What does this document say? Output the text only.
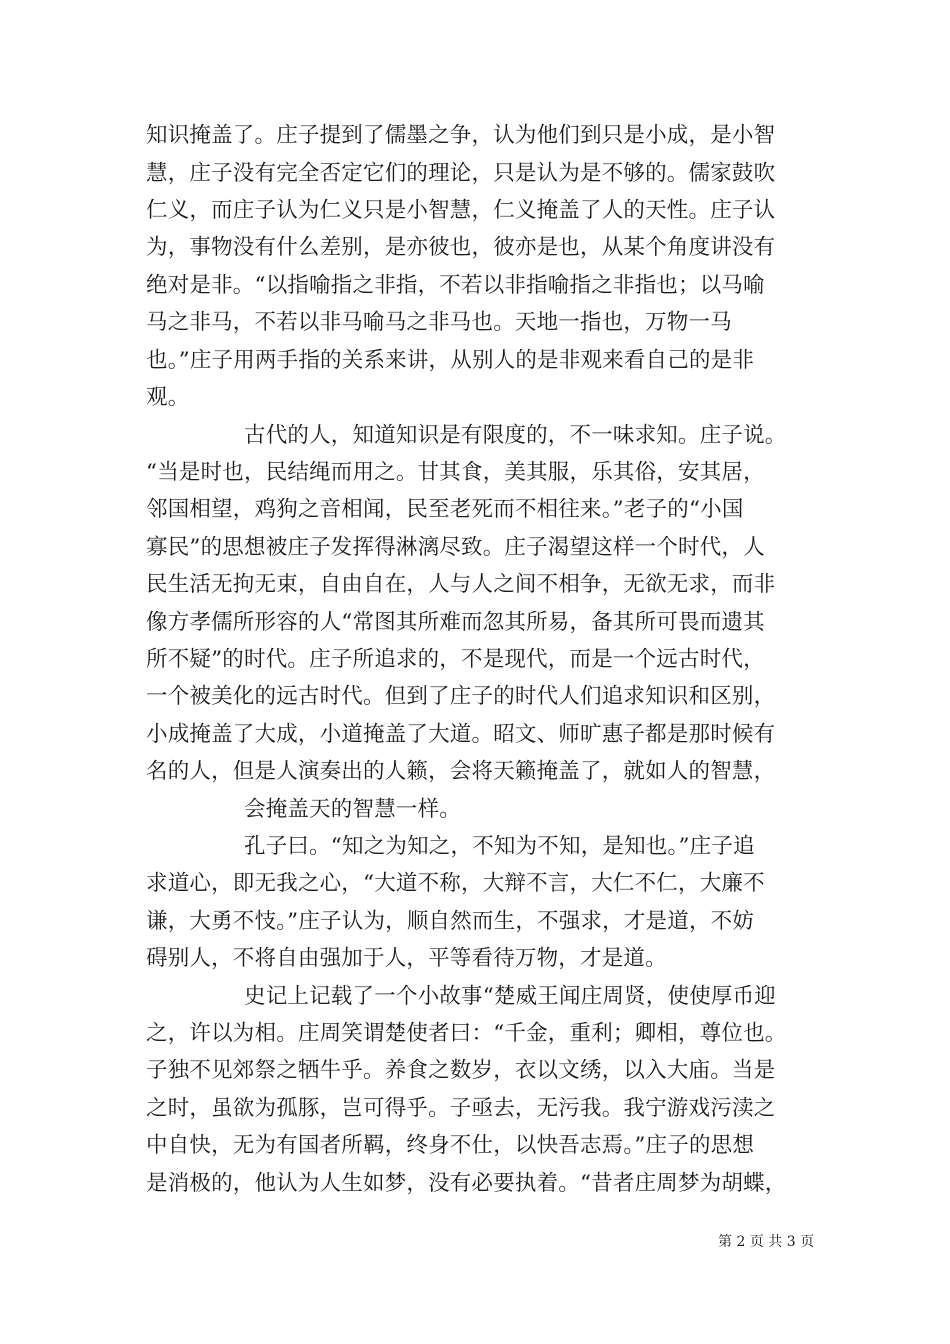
知识掩盖了。庄子提到了儒墨之争，认为他们到只是小成，是小智
慧，庄子没有完全否定它们的理论，只是认为是不够的。儒家鼓吹
仁义，而庄子认为仁义只是小智慧，仁义掩盖了人的天性。庄子认
为，事物没有什么差别，是亦彼也，彼亦是也，从某个角度讲没有
绝对是非。“以指喻指之非指，不若以非指喻指之非指也；以马喻
马之非马，不若以非马喻马之非马也。天地一指也，万物一马
也。”庄子用两手指的关系来讲，从别人的是非观来看自己的是非
观。
古代的人，知道知识是有限度的，不一味求知。庄子说。
“当是时也，民结绳而用之。甘其食，美其服，乐其俗，安其居，
邻国相望，鸡狗之音相闻，民至老死而不相往来。”老子的“小国
寡民”的思想被庄子发挥得淋漓尽致。庄子渴望这样一个时代，人
民生活无拘无束，自由自在，人与人之间不相争，无欲无求，而非
像方孝儒所形容的人“常图其所难而忽其所易，备其所可畏而遗其
所不疑”的时代。庄子所追求的，不是现代，而是一个远古时代，
一个被美化的远古时代。但到了庄子的时代人们追求知识和区别，
小成掩盖了大成，小道掩盖了大道。昭文、师旷惠子都是那时候有
名的人，但是人演奏出的人籁，会将天籁掩盖了，就如人的智慧，
会掩盖天的智慧一样。
孔子曰。“知之为知之，不知为不知，是知也。”庄子追
求道心，即无我之心，“大道不称，大辩不言，大仁不仁，大廉不
谦，大勇不忮。”庄子认为，顺自然而生，不强求，才是道，不妨
碍别人，不将自由强加于人，平等看待万物，才是道。
史记上记载了一个小故事“楚威王闻庄周贤，使使厚币迎
之，许以为相。庄周笑谓楚使者曰：“千金，重利；卿相，尊位也。
子独不见郊祭之牺牛乎。养食之数岁，衣以文绣，以入大庙。当是
之时，虽欲为孤豚，岂可得乎。子亟去，无污我。我宁游戏污渎之
中自快，无为有国者所羁，终身不仕，以快吾志焉。”庄子的思想
是消极的，他认为人生如梦，没有必要执着。“昔者庄周梦为胡蝶，
第 2 页 共 3 页
